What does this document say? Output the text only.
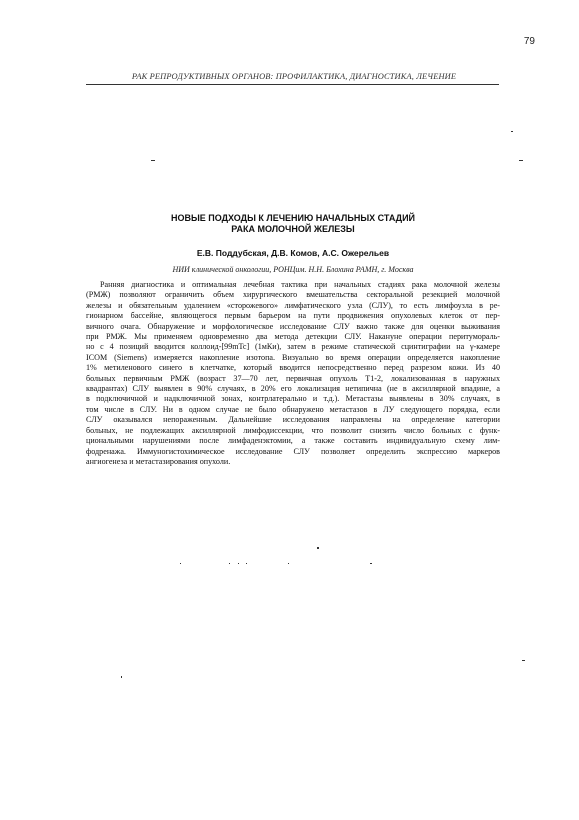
79
РАК РЕПРОДУКТИВНЫХ ОРГАНОВ: ПРОФИЛАКТИКА, ДИАГНОСТИКА, ЛЕЧЕНИЕ
НОВЫЕ ПОДХОДЫ К ЛЕЧЕНИЮ НАЧАЛЬНЫХ СТАДИЙ
РАКА МОЛОЧНОЙ ЖЕЛЕЗЫ
Е.В. Поддубская, Д.В. Комов, А.С. Ожерельев
НИИ клинической онкологии, РОНЦим. Н.Н. Блохина РАМН, г. Москва
Ранняя диагностика и оптимальная лечебная тактика при начальных стадиях рака молочной железы
(РМЖ) позволяют ограничить объем хирургического вмешательства секторальной резекцией молочной
железы и обязательным удалением «сторожевого» лимфатического узла (СЛУ), то есть лимфоузла в ре-
гионарном бассейне, являющегося первым барьером на пути продвижения опухолевых клеток от пер-
вичного очага. Обнаружение и морфологическое исследование СЛУ важно также для оценки выживания
при РМЖ. Мы применяем одновременно два метода детекции СЛУ. Накануне операции перитумораль-
но с 4 позиций вводится коллоид-[99mTc] (1мКи), затем в режиме статической сцинтиграфии на γ-камере
ICOM (Siemens) измеряется накопление изотопа. Визуально во время операции определяется накопление
1% метиленового синего в клетчатке, который вводится непосредственно перед разрезом кожи. Из 40
больных первичным РМЖ (возраст 37—70 лет, первичная опухоль T1-2, локализованная в наружных
квадрантах) СЛУ выявлен в 90% случаях, в 20% его локализация нетипична (не в аксиллярной впадине, а
в подключичной и надключичной зонах, контрлатерально и т.д.). Метастазы выявлены в 30% случаях, в
том числе в СЛУ. Ни в одном случае не было обнаружено метастазов в ЛУ следующего порядка, если
СЛУ оказывался непораженным. Дальнейшие исследования направлены на определение категории
больных, не подлежащих аксиллярной лимфодиссекции, что позволит снизить число больных с функ-
циональными нарушениями после лимфаденэктомии, а также составить индивидуальную схему лим-
фодренажа. Иммуногистохимическое исследование СЛУ позволяет определить экспрессию маркеров
ангиогенеза и метастазирования опухоли.
